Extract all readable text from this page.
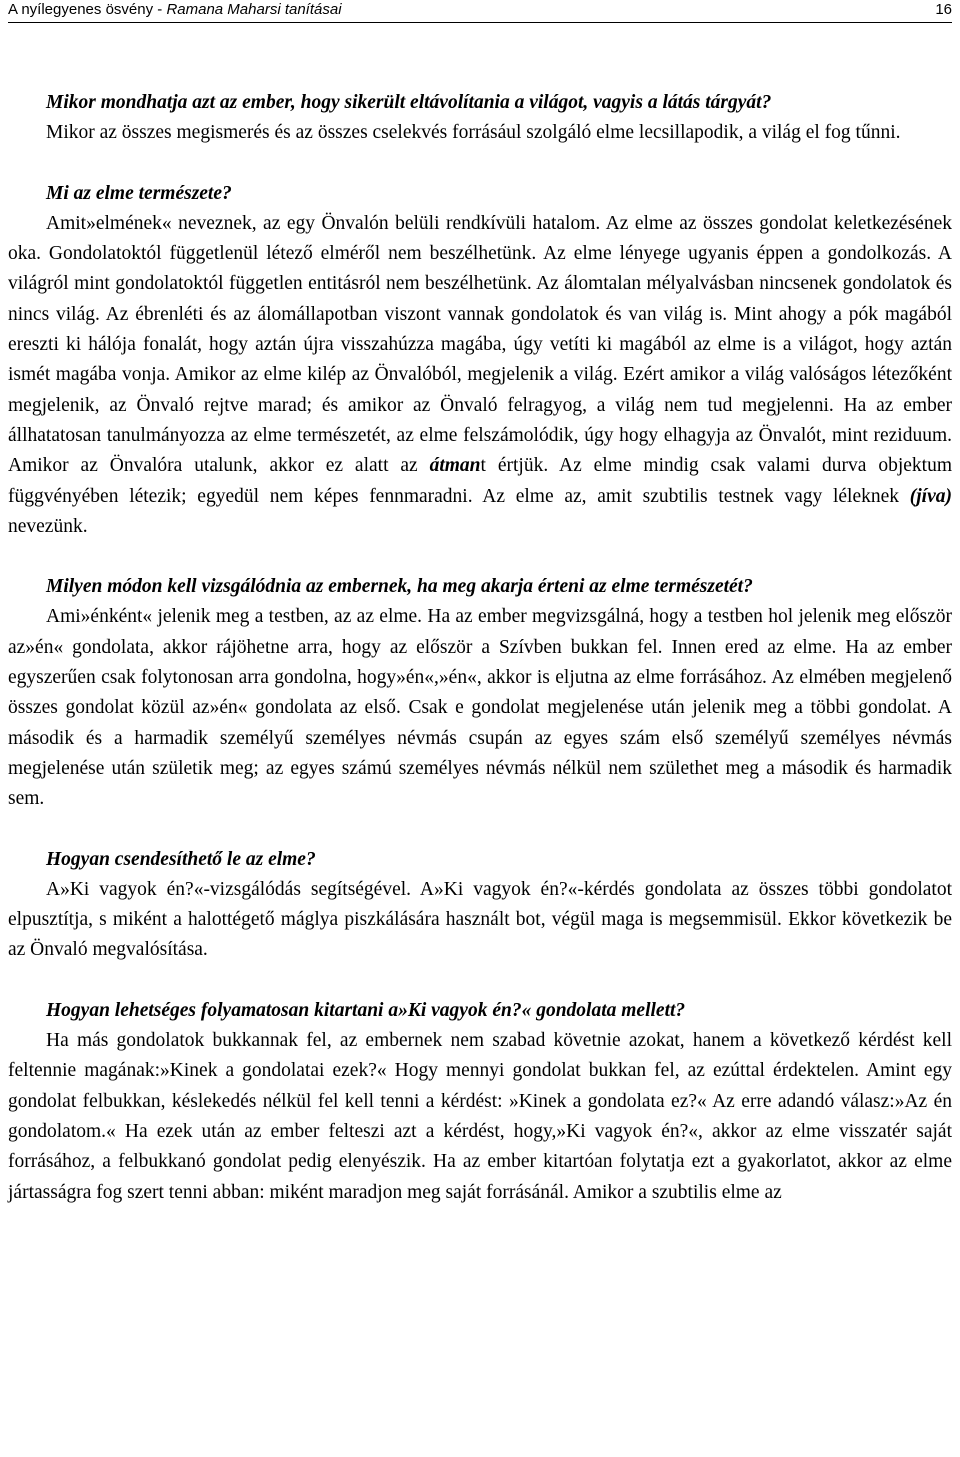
A nyílegyenes ösvény - Ramana Maharsi tanításai	16

Mikor mondhatja azt az ember, hogy sikerült eltávolítania a világot, vagyis a látás tárgyát?

Mikor az összes megismerés és az összes cselekvés forrásául szolgáló elme lecsillapodik, a világ el fog tűnni.

Mi az elme természete?

Amit»elmének« neveznek, az egy Önvalón belüli rendkívüli hatalom. Az elme az összes gondolat keletkezésének oka. Gondolatoktól függetlenül létező elméről nem beszélhetünk. Az elme lényege ugyanis éppen a gondolkozás. A világról mint gondolatoktól független entitásról nem beszélhetünk. Az álomtalan mélyalvásban nincsenek gondolatok és nincs világ. Az ébrenléti és az álomállapotban viszont vannak gondolatok és van világ is. Mint ahogy a pók magából ereszti ki hálója fonalát, hogy aztán újra visszahúzza magába, úgy vetíti ki magából az elme is a világot, hogy aztán ismét magába vonja. Amikor az elme kilép az Önvalóból, megjelenik a világ. Ezért amikor a világ valóságos létezőként megjelenik, az Önvaló rejtve marad; és amikor az Önvaló felragyog, a világ nem tud megjelenni. Ha az ember állhatatosan tanulmányozza az elme természetét, az elme felszámolódik, úgy hogy elhagyja az Önvalót, mint reziduum. Amikor az Önvalóra utalunk, akkor ez alatt az átmant értjük. Az elme mindig csak valami durva objektum függvényében létezik; egyedül nem képes fennmaradni. Az elme az, amit szubtilis testnek vagy léleknek (jíva) nevezünk.

Milyen módon kell vizsgálódnia az embernek, ha meg akarja érteni az elme természetét?

Ami»énként« jelenik meg a testben, az az elme. Ha az ember megvizsgálná, hogy a testben hol jelenik meg először az»én« gondolata, akkor rájöhetne arra, hogy az először a Szívben bukkan fel. Innen ered az elme. Ha az ember egyszerűen csak folytonosan arra gondolna, hogy»én«,»én«, akkor is eljutna az elme forrásához. Az elmében megjelenő összes gondolat közül az»én« gondolata az első. Csak e gondolat megjelenése után jelenik meg a többi gondolat. A második és a harmadik személyű személyes névmás csupán az egyes szám első személyű személyes névmás megjelenése után születik meg; az egyes számú személyes névmás nélkül nem születhet meg a második és harmadik sem.

Hogyan csendesíthető le az elme?

A»Ki vagyok én?«-vizsgálódás segítségével. A»Ki vagyok én?«-kérdés gondolata az összes többi gondolatot elpusztítja, s miként a halottégető máglya piszkálására használt bot, végül maga is megsemmisül. Ekkor következik be az Önvaló megvalósítása.

Hogyan lehetséges folyamatosan kitartani a»Ki vagyok én?« gondolata mellett?

Ha más gondolatok bukkannak fel, az embernek nem szabad követnie azokat, hanem a következő kérdést kell feltennie magának:»Kinek a gondolatai ezek?« Hogy mennyi gondolat bukkan fel, az ezúttal érdektelen. Amint egy gondolat felbukkan, késlekedés nélkül fel kell tenni a kérdést: »Kinek a gondolata ez?« Az erre adandó válasz:»Az én gondolatom.« Ha ezek után az ember felteszi azt a kérdést, hogy,»Ki vagyok én?«, akkor az elme visszatér saját forrásához, a felbukkanó gondolat pedig elenyészik. Ha az ember kitartóan folytatja ezt a gyakorlatot, akkor az elme jártasságra fog szert tenni abban: miként maradjon meg saját forrásánál. Amikor a szubtilis elme az
